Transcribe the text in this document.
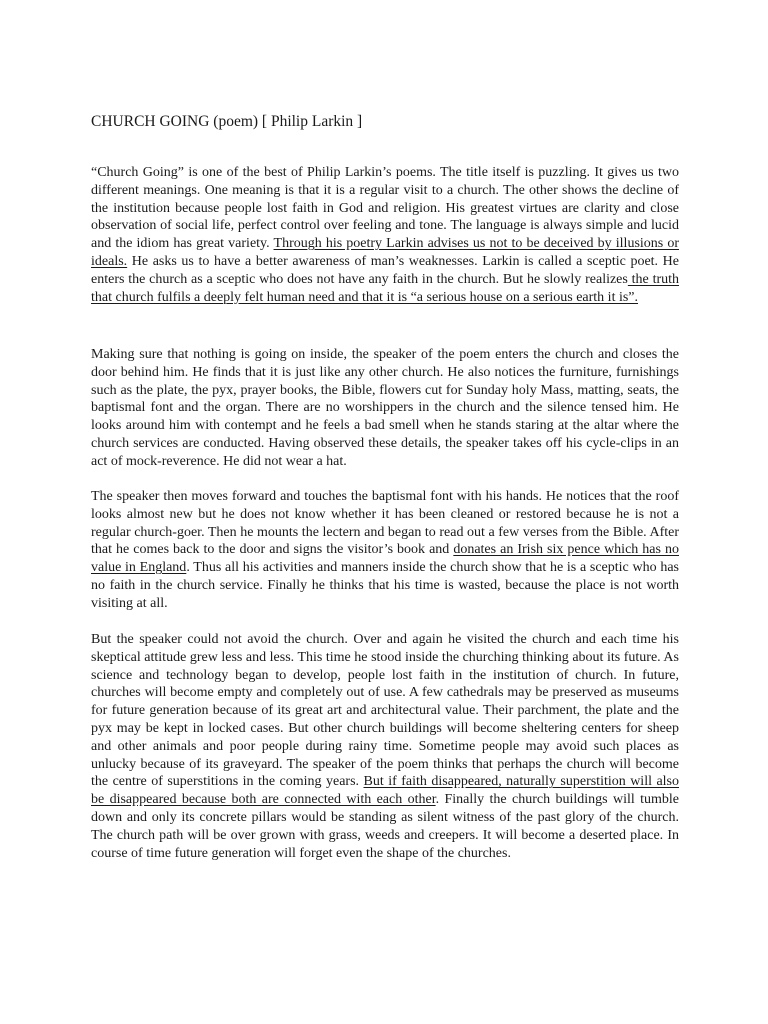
CHURCH GOING (poem) [ Philip Larkin ]

“Church Going” is one of the best of Philip Larkin’s poems. The title itself is puzzling. It gives us two different meanings. One meaning is that it is a regular visit to a church. The other shows the decline of the institution because people lost faith in God and religion. His greatest virtues are clarity and close observation of social life, perfect control over feeling and tone. The language is always simple and lucid and the idiom has great variety. Through his poetry Larkin advises us not to be deceived by illusions or ideals. He asks us to have a better awareness of man’s weaknesses. Larkin is called a sceptic poet. He enters the church as a sceptic who does not have any faith in the church. But he slowly realizes the truth that church fulfils a deeply felt human need and that it is “a serious house on a serious earth it is”.

Making sure that nothing is going on inside, the speaker of the poem enters the church and closes the door behind him. He finds that it is just like any other church. He also notices the furniture, furnishings such as the plate, the pyx, prayer books, the Bible, flowers cut for Sunday holy Mass, matting, seats, the baptismal font and the organ. There are no worshippers in the church and the silence tensed him. He looks around him with contempt and he feels a bad smell when he stands staring at the altar where the church services are conducted. Having observed these details, the speaker takes off his cycle-clips in an act of mock-reverence. He did not wear a hat.

The speaker then moves forward and touches the baptismal font with his hands. He notices that the roof looks almost new but he does not know whether it has been cleaned or restored because he is not a regular church-goer. Then he mounts the lectern and began to read out a few verses from the Bible. After that he comes back to the door and signs the visitor’s book and donates an Irish six pence which has no value in England. Thus all his activities and manners inside the church show that he is a sceptic who has no faith in the church service. Finally he thinks that his time is wasted, because the place is not worth visiting at all.

But the speaker could not avoid the church. Over and again he visited the church and each time his skeptical attitude grew less and less. This time he stood inside the churching thinking about its future. As science and technology began to develop, people lost faith in the institution of church. In future, churches will become empty and completely out of use. A few cathedrals may be preserved as museums for future generation because of its great art and architectural value. Their parchment, the plate and the pyx may be kept in locked cases. But other church buildings will become sheltering centers for sheep and other animals and poor people during rainy time. Sometime people may avoid such places as unlucky because of its graveyard. The speaker of the poem thinks that perhaps the church will become the centre of superstitions in the coming years. But if faith disappeared, naturally superstition will also be disappeared because both are connected with each other. Finally the church buildings will tumble down and only its concrete pillars would be standing as silent witness of the past glory of the church. The church path will be over grown with grass, weeds and creepers. It will become a deserted place. In course of time future generation will forget even the shape of the churches.
